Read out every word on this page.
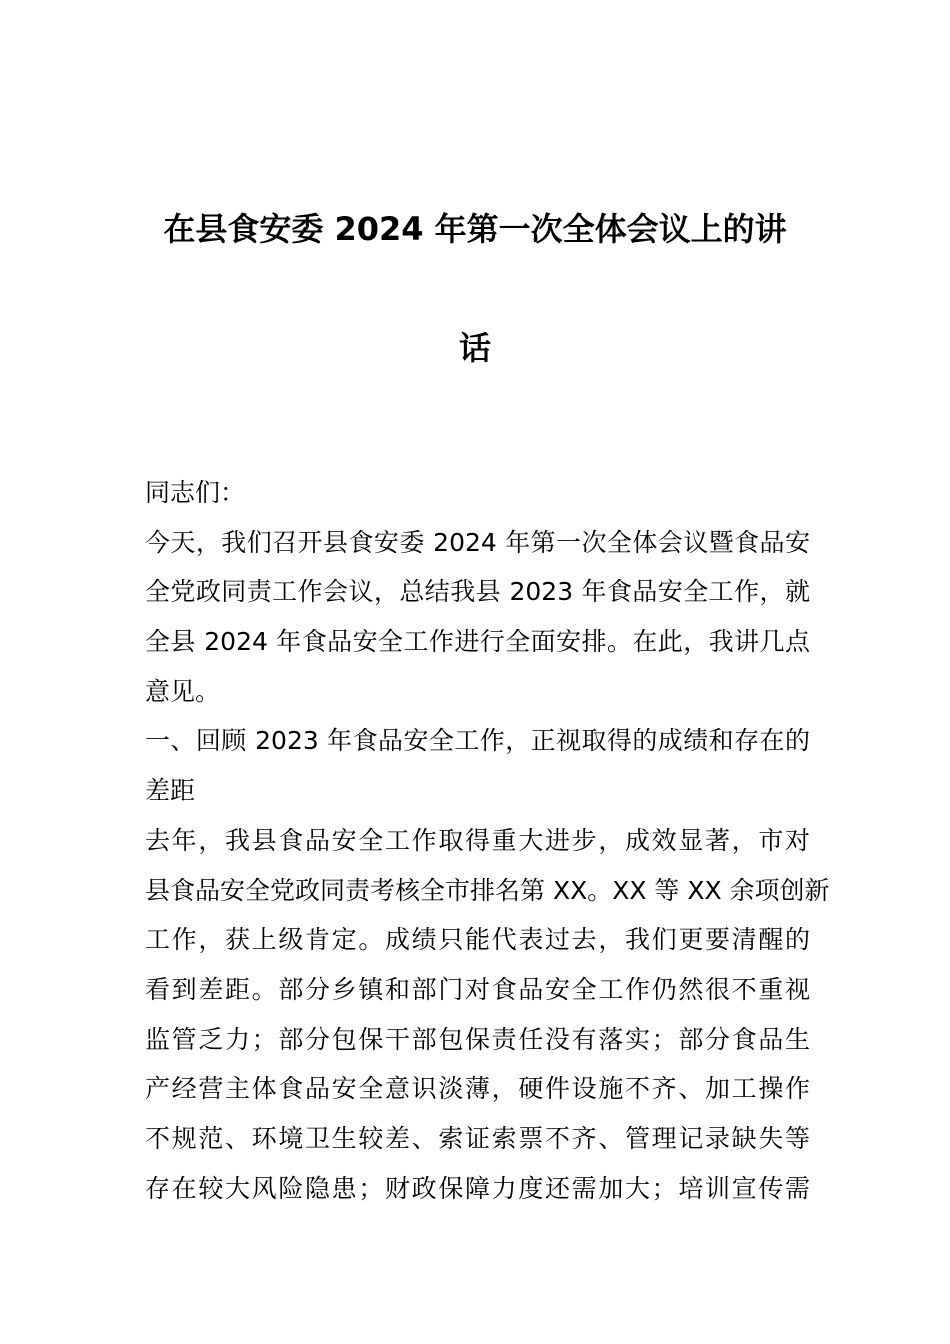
在县食安委 2024 年第一次全体会议上的讲
话
同志们：
今天，我们召开县食安委 2024 年第一次全体会议暨食品安
全党政同责工作会议，总结我县 2023 年食品安全工作，就
全县 2024 年食品安全工作进行全面安排。在此，我讲几点
意见。
一、回顾 2023 年食品安全工作，正视取得的成绩和存在的
差距
去年，我县食品安全工作取得重大进步，成效显著，市对
县食品安全党政同责考核全市排名第 XX。XX 等 XX 余项创新
工作，获上级肯定。成绩只能代表过去，我们更要清醒的
看到差距。部分乡镇和部门对食品安全工作仍然很不重视
监管乏力；部分包保干部包保责任没有落实；部分食品生
产经营主体食品安全意识淡薄，硬件设施不齐、加工操作
不规范、环境卫生较差、索证索票不齐、管理记录缺失等
存在较大风险隐患；财政保障力度还需加大；培训宣传需
